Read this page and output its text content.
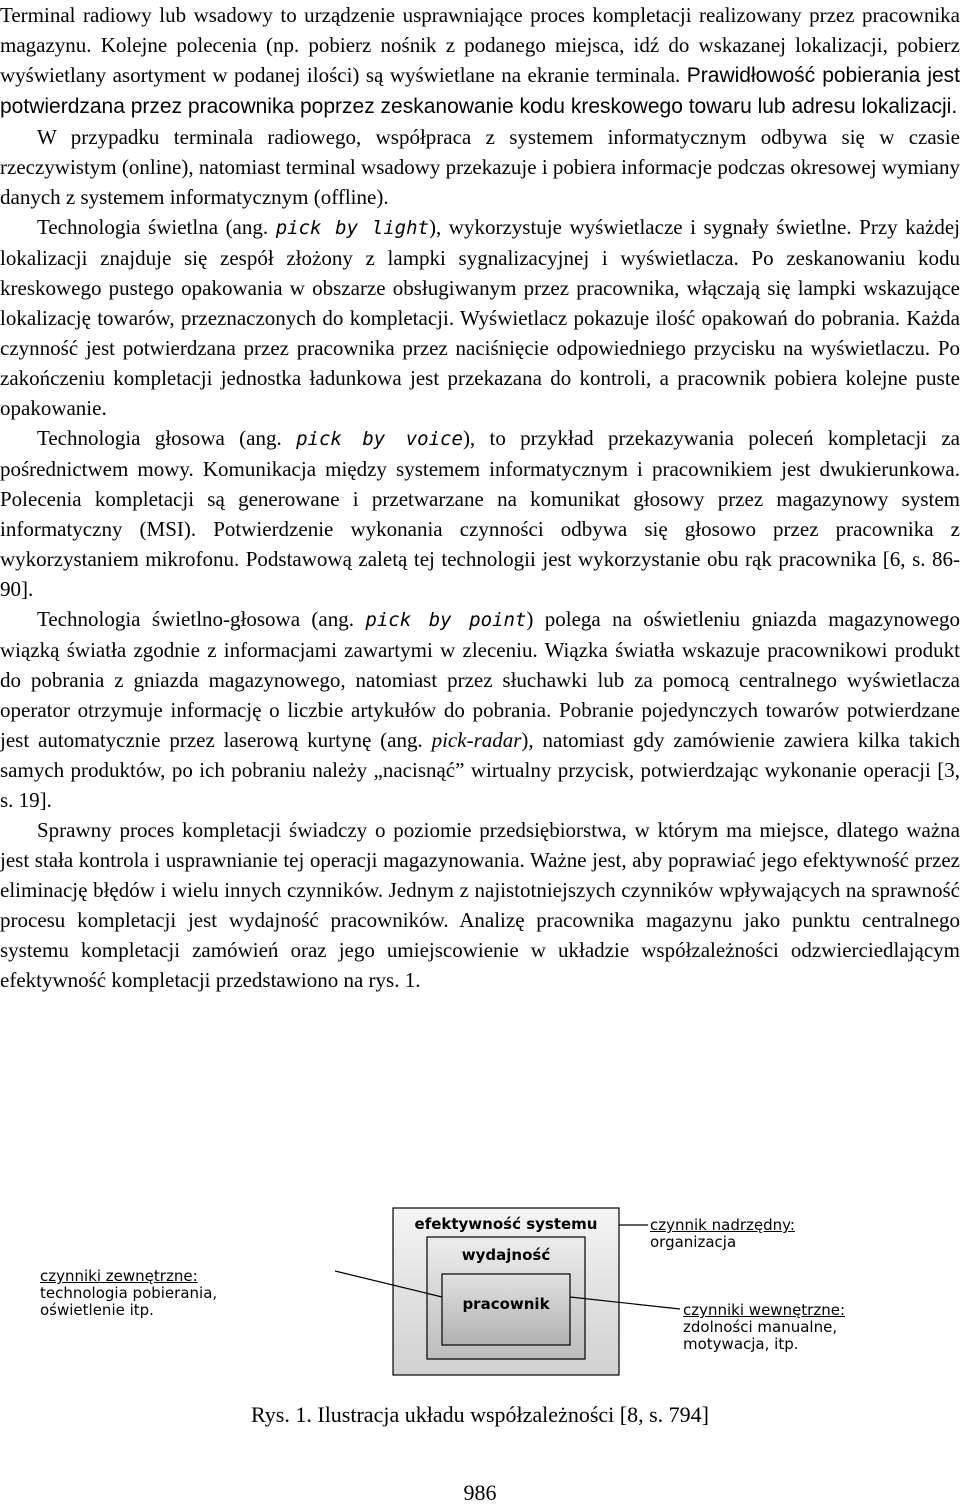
Terminal radiowy lub wsadowy to urządzenie usprawniające proces kompletacji realizowany przez pracownika magazynu. Kolejne polecenia (np. pobierz nośnik z podanego miejsca, idź do wskazanej lokalizacji, pobierz wyświetlany asortyment w podanej ilości) są wyświetlane na ekranie terminala. Prawidłowość pobierania jest potwierdzana przez pracownika poprzez zeskanowanie kodu kreskowego towaru lub adresu lokalizacji.

W przypadku terminala radiowego, współpraca z systemem informatycznym odbywa się w czasie rzeczywistym (online), natomiast terminal wsadowy przekazuje i pobiera informacje podczas okresowej wymiany danych z systemem informatycznym (offline).

Technologia świetlna (ang. pick by light), wykorzystuje wyświetlacze i sygnały świetlne. Przy każdej lokalizacji znajduje się zespół złożony z lampki sygnalizacyjnej i wyświetlacza. Po zeskanowaniu kodu kreskowego pustego opakowania w obszarze obsługiwanym przez pracownika, włączają się lampki wskazujące lokalizację towarów, przeznaczonych do kompletacji. Wyświetlacz pokazuje ilość opakowań do pobrania. Każda czynność jest potwierdzana przez pracownika przez naciśnięcie odpowiedniego przycisku na wyświetlaczu. Po zakończeniu kompletacji jednostka ładunkowa jest przekazana do kontroli, a pracownik pobiera kolejne puste opakowanie.

Technologia głosowa (ang. pick by voice), to przykład przekazywania poleceń kompletacji za pośrednictwem mowy. Komunikacja między systemem informatycznym i pracownikiem jest dwukierunkowa. Polecenia kompletacji są generowane i przetwarzane na komunikat głosowy przez magazynowy system informatyczny (MSI). Potwierdzenie wykonania czynności odbywa się głosowo przez pracownika z wykorzystaniem mikrofonu. Podstawową zaletą tej technologii jest wykorzystanie obu rąk pracownika [6, s. 86-90].

Technologia świetlno-głosowa (ang. pick by point) polega na oświetleniu gniazda magazynowego wiązką światła zgodnie z informacjami zawartymi w zleceniu. Wiązka światła wskazuje pracownikowi produkt do pobrania z gniazda magazynowego, natomiast przez słuchawki lub za pomocą centralnego wyświetlacza operator otrzymuje informację o liczbie artykułów do pobrania. Pobranie pojedynczych towarów potwierdzane jest automatycznie przez laserową kurtynę (ang. pick-radar), natomiast gdy zamówienie zawiera kilka takich samych produktów, po ich pobraniu należy „nacisnąć” wirtualny przycisk, potwierdzając wykonanie operacji [3, s. 19].

Sprawny proces kompletacji świadczy o poziomie przedsiębiorstwa, w którym ma miejsce, dlatego ważna jest stała kontrola i usprawnianie tej operacji magazynowania. Ważne jest, aby poprawiać jego efektywność przez eliminację błędów i wielu innych czynników. Jednym z najistotniejszych czynników wpływających na sprawność procesu kompletacji jest wydajność pracowników. Analizę pracownika magazynu jako punktu centralnego systemu kompletacji zamówień oraz jego umiejscowienie w układzie współzależności odzwierciedlającym efektywność kompletacji przedstawiono na rys. 1.

efektywność systemu
wydajność
pracownik
czynniki zewnętrzne:
technologia pobierania,
oświetlenie itp.
czynnik nadrzędny:
organizacja
czynniki wewnętrzne:
zdolności manualne,
motywacja, itp.
Rys. 1. Ilustracja układu współzależności [8, s. 794]
986
